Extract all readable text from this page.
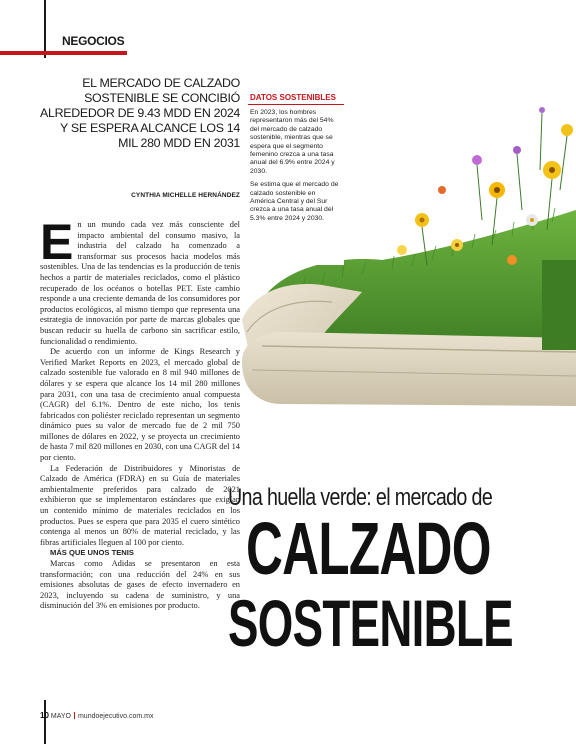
NEGOCIOS
DATOS SOSTENIBLES

En 2023, los hombres representaron más del 54% del mercado de calzado sostenible, mientras que se espera que el segmento femenino crezca a una tasa anual del 6.9% entre 2024 y 2030.

Se estima que el mercado de calzado sostenible en América Central y del Sur crezca a una tasa anual del 5.3% entre 2024 y 2030.

EL MERCADO DE CALZADO SOSTENIBLE SE CONCIBIÓ ALREDEDOR DE 9.43 MDD EN 2024 Y SE ESPERA ALCANCE LOS 14 MIL 280 MDD EN 2031
CYNTHIA MICHELLE HERNÁNDEZ

En un mundo cada vez más consciente del impacto ambiental del consumo masivo, la industria del calzado ha comenzado a transformar sus procesos hacia modelos más sostenibles. Una de las tendencias es la producción de tenis hechos a partir de materiales reciclados, como el plástico recuperado de los océanos o botellas PET. Este cambio responde a una creciente demanda de los consumidores por productos ecológicos, al mismo tiempo que representa una estrategia de innovación por parte de marcas globales que buscan reducir su huella de carbono sin sacrificar estilo, funcionalidad o rendimiento.

De acuerdo con un informe de Kings Research y Verified Market Reports en 2023, el mercado global de calzado sostenible fue valorado en 8 mil 940 millones de dólares y se espera que alcance los 14 mil 280 millones para 2031, con una tasa de crecimiento anual compuesta (CAGR) del 6.1%. Dentro de este nicho, los tenis fabricados con poliéster reciclado representan un segmento dinámico pues su valor de mercado fue de 2 mil 750 millones de dólares en 2022, y se proyecta un crecimiento de hasta 7 mil 820 millones en 2030, con una CAGR del 14 por ciento.

La Federación de Distribuidores y Minoristas de Calzado de América (FDRA) en su Guía de materiales ambientalmente preferidos para calzado de 2021 exhibieron que se implementaron estándares que exigían un contenido mínimo de materiales reciclados en los productos. Pues se espera que para 2035 el cuero sintético contenga al menos un 80% de material reciclado, y las fibras artificiales lleguen al 100 por ciento.

MÁS QUE UNOS TENIS

Marcas como Adidas se presentaron en esta transformación; con una reducción del 24% en sus emisiones absolutas de gases de efecto invernadero en 2023, incluyendo su cadena de suministro, y una disminución del 3% en emisiones por producto.

Una huella verde: el mercado de
CALZADO
SOSTENIBLE
10 MAYO mundoejecutivo.com.mx
